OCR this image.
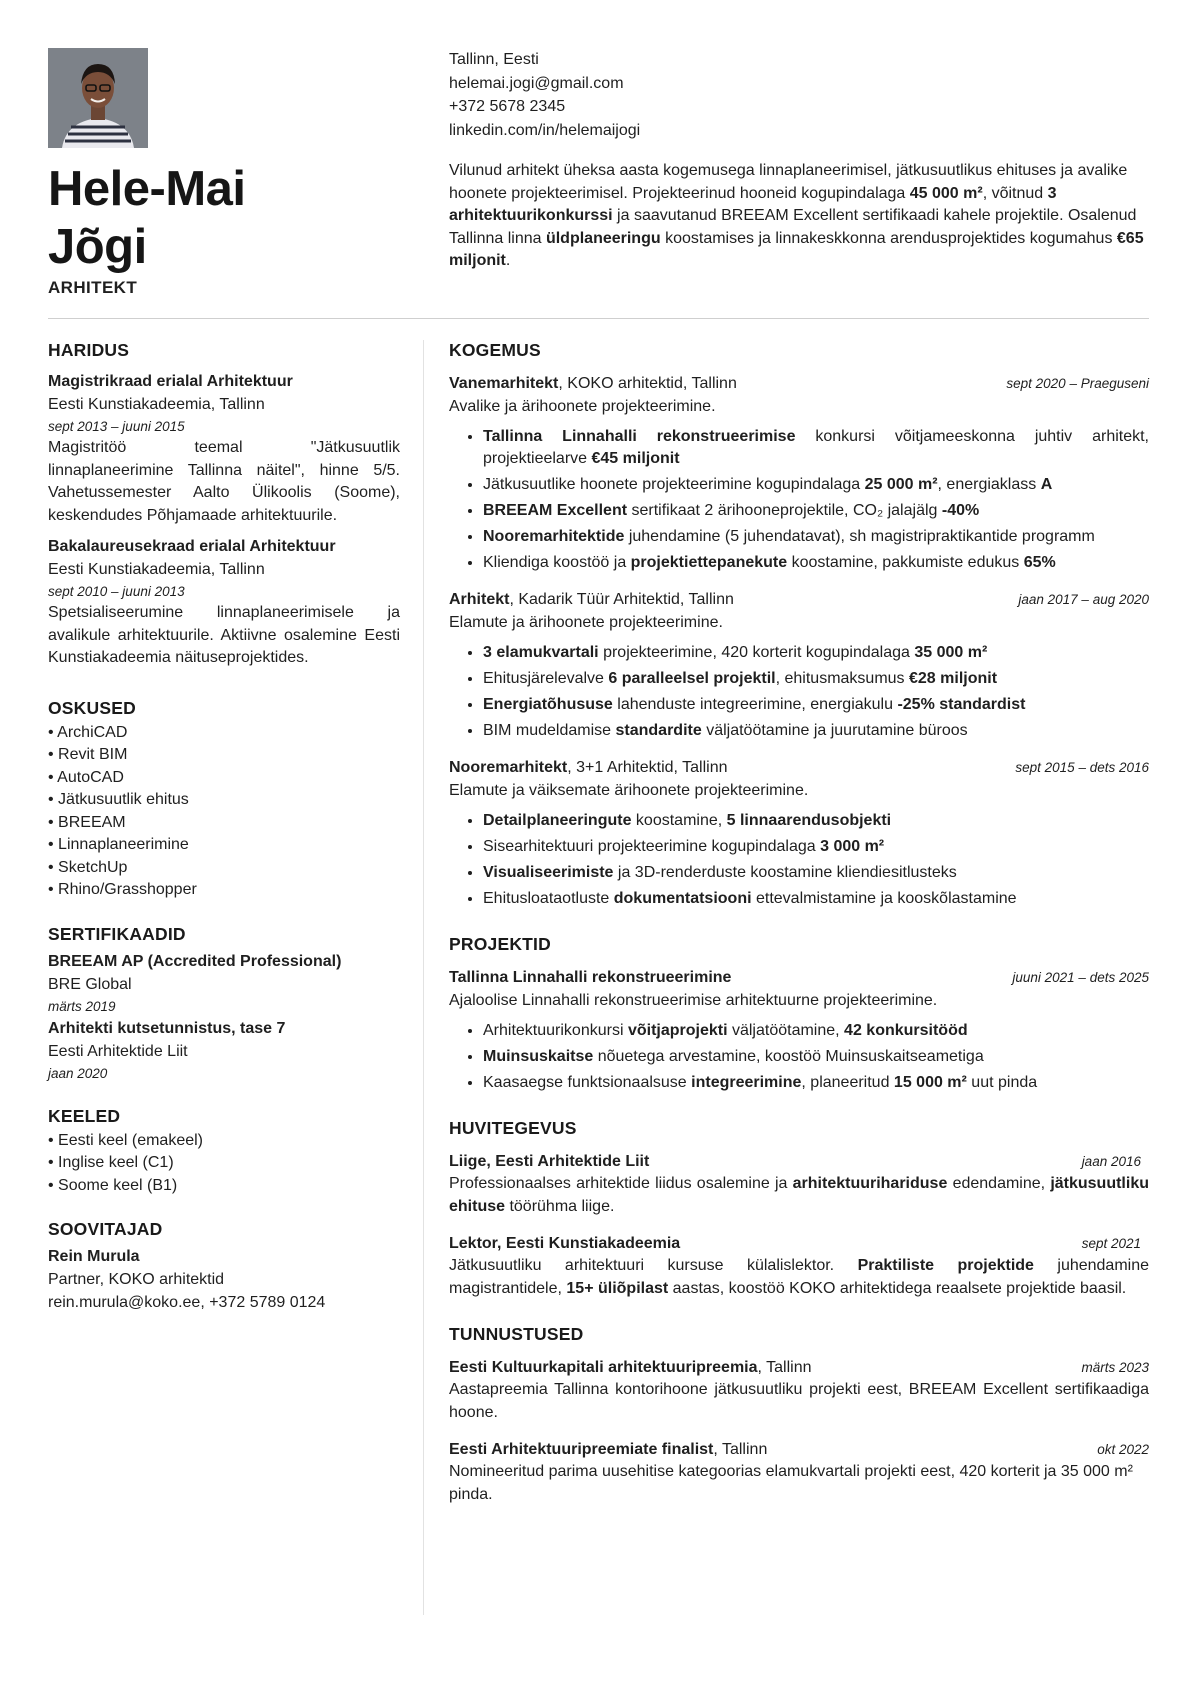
Hele-Mai
Jõgi
ARHITEKT
Tallinn, Eesti
helemai.jogi@gmail.com
+372 5678 2345
linkedin.com/in/helemaijogi

Vilunud arhitekt üheksa aasta kogemusega linnaplaneerimisel, jätkusuutlikus ehituses ja avalike hoonete projekteerimisel. Projekteerinud hooneid kogupindalaga 45 000 m², võitnud 3 arhitektuurikonkurssi ja saavutanud BREEAM Excellent sertifikaadi kahele projektile. Osalenud Tallinna linna üldplaneeringu koostamises ja linnakeskkonna arendusprojektides kogumahus €65 miljonit.

HARIDUS
Magistrikraad erialal Arhitektuur
Eesti Kunstiakadeemia, Tallinn
sept 2013 – juuni 2015
Magistritöö teemal "Jätkusuutlik linnaplaneerimine Tallinna näitel", hinne 5/5. Vahetussemester Aalto Ülikoolis (Soome), keskendudes Põhjamaade arhitektuurile.
Bakalaureusekraad erialal Arhitektuur
Eesti Kunstiakadeemia, Tallinn
sept 2010 – juuni 2013
Spetsialiseerumine linnaplaneerimisele ja avalikule arhitektuurile. Aktiivne osalemine Eesti Kunstiakadeemia näituseprojektides.
OSKUSED
• ArchiCAD
• Revit BIM
• AutoCAD
• Jätkusuutlik ehitus
• BREEAM
• Linnaplaneerimine
• SketchUp
• Rhino/Grasshopper
SERTIFIKAADID
BREEAM AP (Accredited Professional)
BRE Global
märts 2019
Arhitekti kutsetunnistus, tase 7
Eesti Arhitektide Liit
jaan 2020
KEELED
• Eesti keel (emakeel)
• Inglise keel (C1)
• Soome keel (B1)
SOOVITAJAD
Rein Murula
Partner, KOKO arhitektid
rein.murula@koko.ee, +372 5789 0124
KOGEMUS
Vanemarhitekt, KOKO arhitektid, Tallinn	sept 2020 – Praeguseni
Avalike ja ärihoonete projekteerimine.
• Tallinna Linnahalli rekonstrueerimise konkursi võitjameeskonna juhtiv arhitekt, projektieelarve €45 miljonit
• Jätkusuutlike hoonete projekteerimine kogupindalaga 25 000 m², energiaklass A
• BREEAM Excellent sertifikaat 2 ärihooneprojektile, CO₂ jalajälg -40%
• Nooremarhitektide juhendamine (5 juhendatavat), sh magistripraktikantide programm
• Kliendiga koostöö ja projektiettepanekute koostamine, pakkumiste edukus 65%
Arhitekt, Kadarik Tüür Arhitektid, Tallinn	jaan 2017 – aug 2020
Elamute ja ärihoonete projekteerimine.
• 3 elamukvartali projekteerimine, 420 korterit kogupindalaga 35 000 m²
• Ehitusjärelevalve 6 paralleelsel projektil, ehitusmaksumus €28 miljonit
• Energiatõhususe lahenduste integreerimine, energiakulu -25% standardist
• BIM mudeldamise standardite väljatöötamine ja juurutamine büroos
Nooremarhitekt, 3+1 Arhitektid, Tallinn	sept 2015 – dets 2016
Elamute ja väiksemate ärihoonete projekteerimine.
• Detailplaneeringute koostamine, 5 linnaarendusobjekti
• Sisearhitektuuri projekteerimine kogupindalaga 3 000 m²
• Visualiseerimiste ja 3D-renderduste koostamine kliendiesitlusteks
• Ehitusloataotluste dokumentatsiooni ettevalmistamine ja kooskõlastamine
PROJEKTID
Tallinna Linnahalli rekonstrueerimine	juuni 2021 – dets 2025
Ajaloolise Linnahalli rekonstrueerimise arhitektuurne projekteerimine.
• Arhitektuurikonkursi võitjaprojekti väljatöötamine, 42 konkursitööd
• Muinsuskaitse nõuetega arvestamine, koostöö Muinsuskaitseametiga
• Kaasaegse funktsionaalsuse integreerimine, planeeritud 15 000 m² uut pinda
HUVITEGEVUS
Liige, Eesti Arhitektide Liit	jaan 2016
Professionaalses arhitektide liidus osalemine ja arhitektuurihariduse edendamine, jätkusuutliku ehituse töörühma liige.
Lektor, Eesti Kunstiakadeemia	sept 2021
Jätkusuutliku arhitektuuri kursuse külalislektor. Praktiliste projektide juhendamine magistrantidele, 15+ üliõpilast aastas, koostöö KOKO arhitektidega reaalsete projektide baasil.
TUNNUSTUSED
Eesti Kultuurkapitali arhitektuuripreemia, Tallinn	märts 2023
Aastapreemia Tallinna kontorihoone jätkusuutliku projekti eest, BREEAM Excellent sertifikaadiga hoone.
Eesti Arhitektuuripreemiate finalist, Tallinn	okt 2022
Nomineeritud parima uusehitise kategoorias elamukvartali projekti eest, 420 korterit ja 35 000 m² pinda.
